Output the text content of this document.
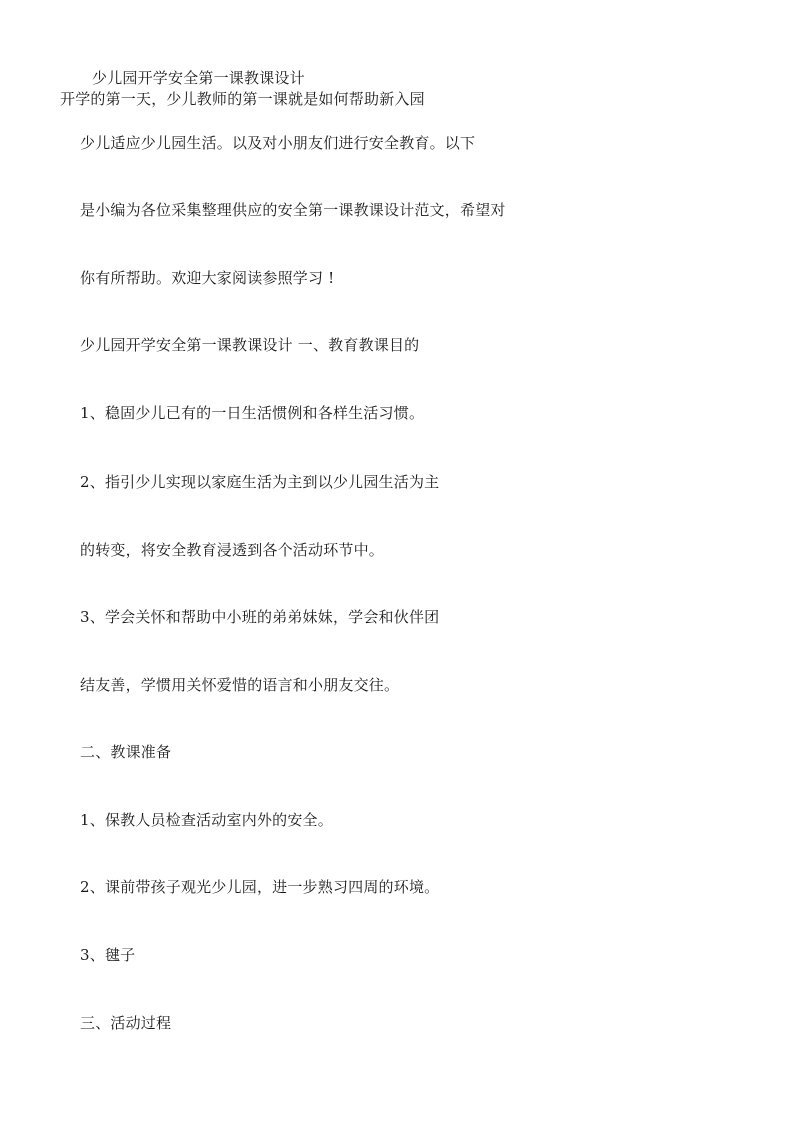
少儿园开学安全第一课教课设计
开学的第一天，少儿教师的第一课就是如何帮助新入园
少儿适应少儿园生活。以及对小朋友们进行安全教育。以下
是小编为各位采集整理供应的安全第一课教课设计范文，希望对
你有所帮助。欢迎大家阅读参照学习 !
少儿园开学安全第一课教课设计 一、教育教课目的
1、稳固少儿已有的一日生活惯例和各样生活习惯。
2、指引少儿实现以家庭生活为主到以少儿园生活为主
的转变，将安全教育浸透到各个活动环节中。
3、学会关怀和帮助中小班的弟弟妹妹，学会和伙伴团
结友善，学惯用关怀爱惜的语言和小朋友交往。
二、教课准备
1、保教人员检查活动室内外的安全。
2、课前带孩子观光少儿园，进一步熟习四周的环境。
3、毽子
三、活动过程
